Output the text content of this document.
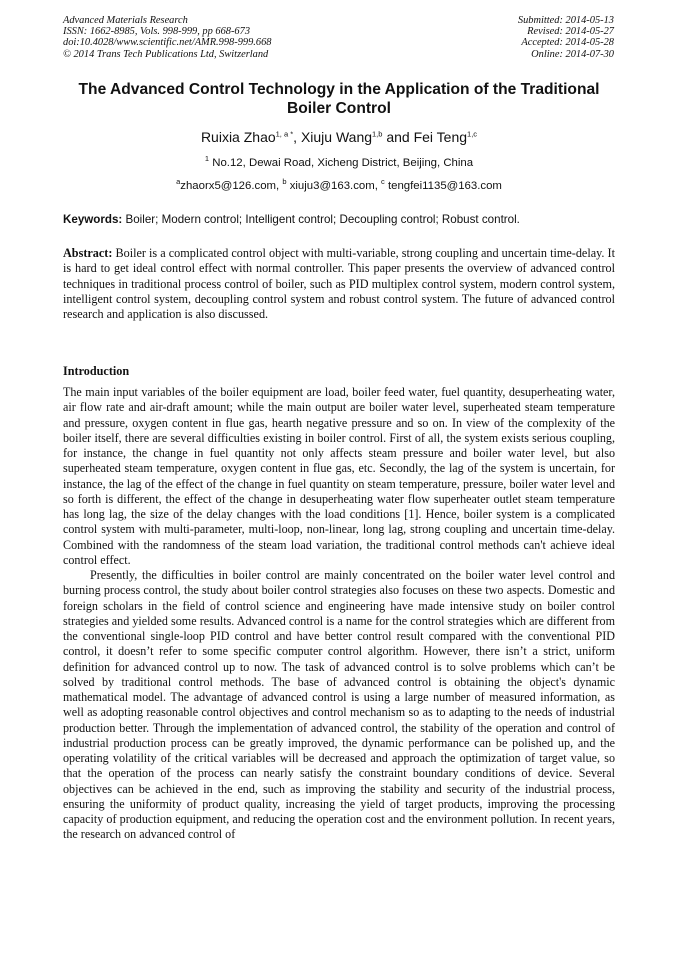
Advanced Materials Research
ISSN: 1662-8985, Vols. 998-999, pp 668-673
doi:10.4028/www.scientific.net/AMR.998-999.668
© 2014 Trans Tech Publications Ltd, Switzerland
Submitted: 2014-05-13
Revised: 2014-05-27
Accepted: 2014-05-28
Online: 2014-07-30
The Advanced Control Technology in the Application of the Traditional Boiler Control
Ruixia Zhao$^{1, a *}$, Xiuju Wang$^{1,b}$ and Fei Teng$^{1,c}$
$^1$ No.12, Dewai Road, Xicheng District, Beijing, China
$^a$zhaorx5@126.com, $^b$ xiuju3@163.com, $^c$ tengfei1135@163.com
Keywords: Boiler; Modern control; Intelligent control; Decoupling control; Robust control.

Abstract: Boiler is a complicated control object with multi-variable, strong coupling and uncertain time-delay. It is hard to get ideal control effect with normal controller. This paper presents the overview of advanced control techniques in traditional process control of boiler, such as PID multiplex control system, modern control system, intelligent control system, decoupling control system and robust control system. The future of advanced control research and application is also discussed.

Introduction

The main input variables of the boiler equipment are load, boiler feed water, fuel quantity, desuperheating water, air flow rate and air-draft amount; while the main output are boiler water level, superheated steam temperature and pressure, oxygen content in flue gas, hearth negative pressure and so on. In view of the complexity of the boiler itself, there are several difficulties existing in boiler control. First of all, the system exists serious coupling, for instance, the change in fuel quantity not only affects steam pressure and boiler water level, but also superheated steam temperature, oxygen content in flue gas, etc. Secondly, the lag of the system is uncertain, for instance, the lag of the effect of the change in fuel quantity on steam temperature, pressure, boiler water level and so forth is different, the effect of the change in desuperheating water flow superheater outlet steam temperature has long lag, the size of the delay changes with the load conditions [1]. Hence, boiler system is a complicated control system with multi-parameter, multi-loop, non-linear, long lag, strong coupling and uncertain time-delay. Combined with the randomness of the steam load variation, the traditional control methods can't achieve ideal control effect.

Presently, the difficulties in boiler control are mainly concentrated on the boiler water level control and burning process control, the study about boiler control strategies also focuses on these two aspects. Domestic and foreign scholars in the field of control science and engineering have made intensive study on boiler control strategies and yielded some results. Advanced control is a name for the control strategies which are different from the conventional single-loop PID control and have better control result compared with the conventional PID control, it doesn’t refer to some specific computer control algorithm. However, there isn’t a strict, uniform definition for advanced control up to now. The task of advanced control is to solve problems which can’t be solved by traditional control methods. The base of advanced control is obtaining the object's dynamic mathematical model. The advantage of advanced control is using a large number of measured information, as well as adopting reasonable control objectives and control mechanism so as to adapting to the needs of industrial production better. Through the implementation of advanced control, the stability of the operation and control of industrial production process can be greatly improved, the dynamic performance can be polished up, and the operating volatility of the critical variables will be decreased and approach the optimization of target value, so that the operation of the process can nearly satisfy the constraint boundary conditions of device. Several objectives can be achieved in the end, such as improving the stability and security of the industrial process, ensuring the uniformity of product quality, increasing the yield of target products, improving the processing capacity of production equipment, and reducing the operation cost and the environment pollution. In recent years, the research on advanced control of
